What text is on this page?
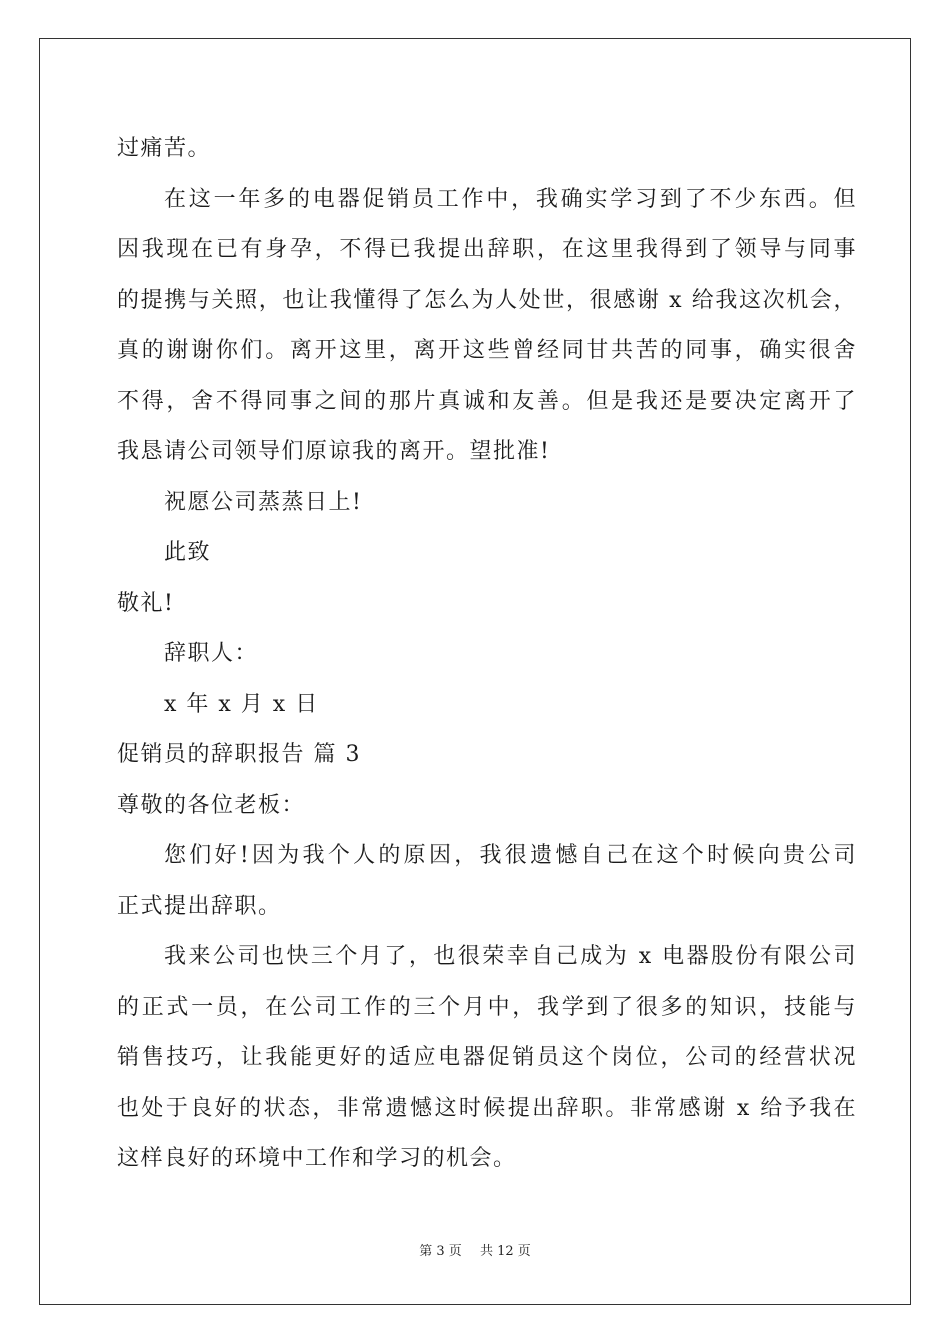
过痛苦。
在这一年多的电器促销员工作中，我确实学习到了不少东西。但
因我现在已有身孕，不得已我提出辞职，在这里我得到了领导与同事
的提携与关照，也让我懂得了怎么为人处世，很感谢 x 给我这次机会，
真的谢谢你们。离开这里，离开这些曾经同甘共苦的同事，确实很舍
不得，舍不得同事之间的那片真诚和友善。但是我还是要决定离开了
我恳请公司领导们原谅我的离开。望批准!
祝愿公司蒸蒸日上!
此致
敬礼!
辞职人：
x 年 x 月 x 日
促销员的辞职报告 篇 3
尊敬的各位老板：
您们好!因为我个人的原因，我很遗憾自己在这个时候向贵公司
正式提出辞职。
我来公司也快三个月了，也很荣幸自己成为 x 电器股份有限公司
的正式一员，在公司工作的三个月中，我学到了很多的知识，技能与
销售技巧，让我能更好的适应电器促销员这个岗位，公司的经营状况
也处于良好的状态，非常遗憾这时候提出辞职。非常感谢 x 给予我在
这样良好的环境中工作和学习的机会。
第 3 页 共 12 页
